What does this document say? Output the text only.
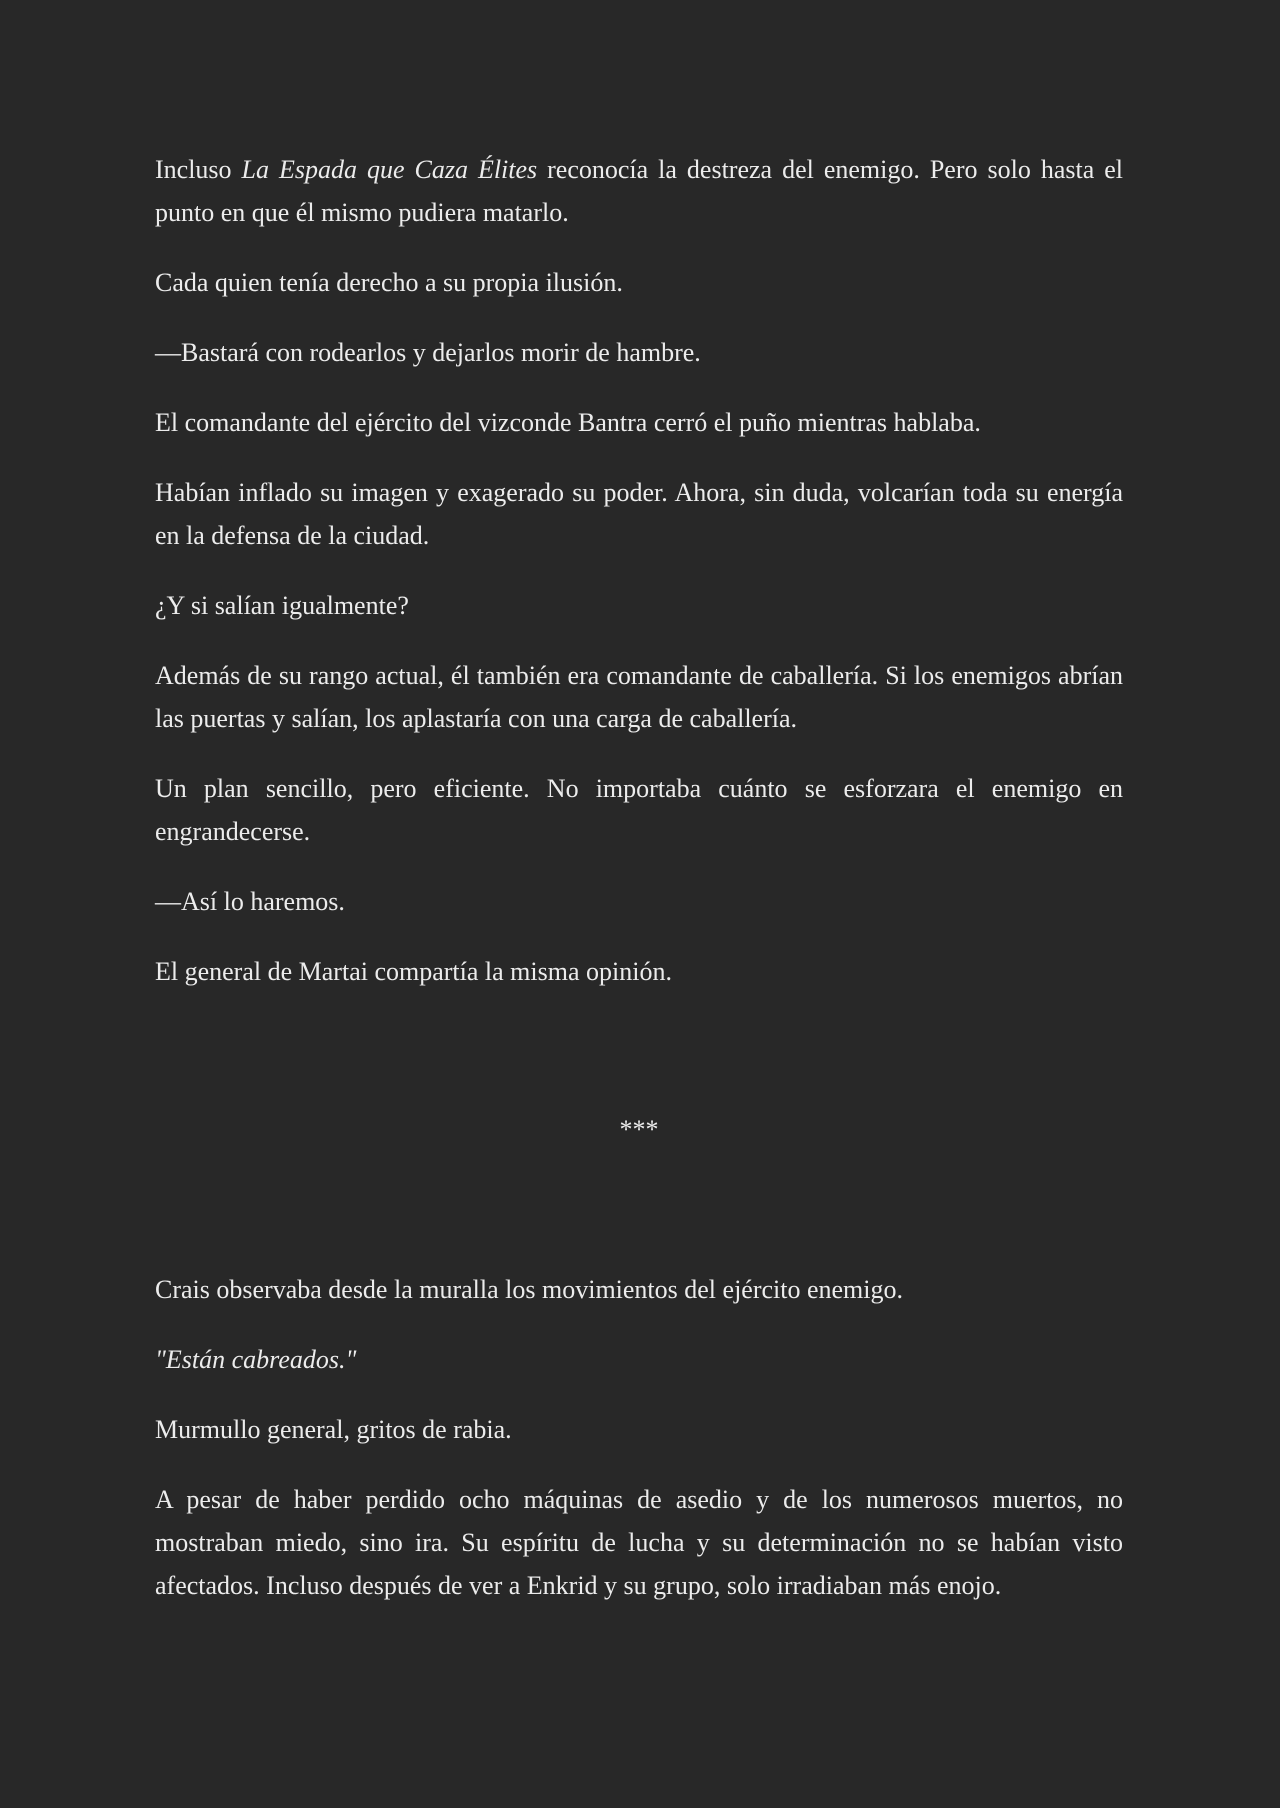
Incluso La Espada que Caza Élites reconocía la destreza del enemigo. Pero solo hasta el punto en que él mismo pudiera matarlo.

Cada quien tenía derecho a su propia ilusión.

—Bastará con rodearlos y dejarlos morir de hambre.

El comandante del ejército del vizconde Bantra cerró el puño mientras hablaba.

Habían inflado su imagen y exagerado su poder. Ahora, sin duda, volcarían toda su energía en la defensa de la ciudad.

¿Y si salían igualmente?

Además de su rango actual, él también era comandante de caballería. Si los enemigos abrían las puertas y salían, los aplastaría con una carga de caballería.

Un plan sencillo, pero eficiente. No importaba cuánto se esforzara el enemigo en engrandecerse.

—Así lo haremos.

El general de Martai compartía la misma opinión.

***

Crais observaba desde la muralla los movimientos del ejército enemigo.

"Están cabreados."

Murmullo general, gritos de rabia.

A pesar de haber perdido ocho máquinas de asedio y de los numerosos muertos, no mostraban miedo, sino ira. Su espíritu de lucha y su determinación no se habían visto afectados. Incluso después de ver a Enkrid y su grupo, solo irradiaban más enojo.
